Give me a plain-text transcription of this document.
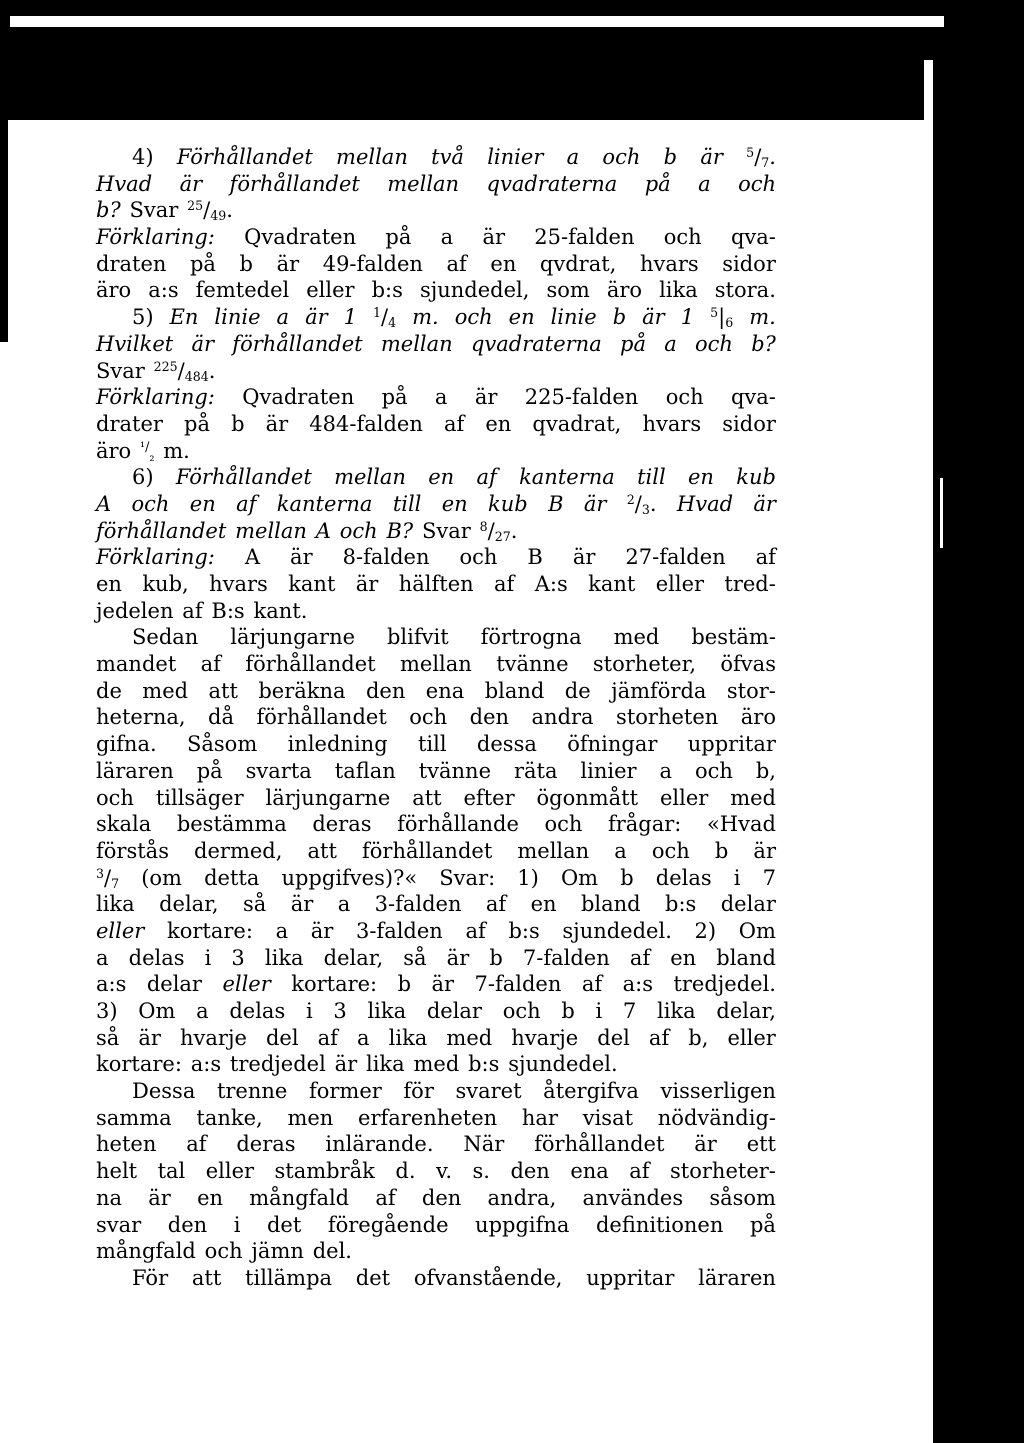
4) Förhållandet mellan två linier a och b är $^5/_7$.
Hvad är förhållandet mellan qvadraterna på a och
b? Svar $^{25}/_{49}$.
Förklaring: Qvadraten på a är 25-falden och qva-
draten på b är 49-falden af en qvdrat, hvars sidor
äro a:s femtedel eller b:s sjundedel, som äro lika stora.
5) En linie a är 1 $^1/_4$ m. och en linie b är 1 $^5|_6$ m.
Hvilket är förhållandet mellan qvadraterna på a och b?
Svar $^{225}/_{484}$.
Förklaring: Qvadraten på a är 225-falden och qva-
drater på b är 484-falden af en qvadrat, hvars sidor
äro $^{^1/}_{_2}$ m.
6) Förhållandet mellan en af kanterna till en kub
A och en af kanterna till en kub B är $^2/_3$. Hvad är
förhållandet mellan A och B? Svar $^8/_{27}$.
Förklaring: A är 8-falden och B är 27-falden af
en kub, hvars kant är hälften af A:s kant eller tred-
jedelen af B:s kant.
Sedan lärjungarne blifvit förtrogna med bestäm-
mandet af förhållandet mellan tvänne storheter, öfvas
de med att beräkna den ena bland de jämförda stor-
heterna, då förhållandet och den andra storheten äro
gifna. Såsom inledning till dessa öfningar uppritar
läraren på svarta taflan tvänne räta linier a och b,
och tillsäger lärjungarne att efter ögonmått eller med
skala bestämma deras förhållande och frågar: «Hvad
förstås dermed, att förhållandet mellan a och b är
$^3/_7$ (om detta uppgifves)?« Svar: 1) Om b delas i 7
lika delar, så är a 3-falden af en bland b:s delar
eller kortare: a är 3-falden af b:s sjundedel. 2) Om
a delas i 3 lika delar, så är b 7-falden af en bland
a:s delar eller kortare: b är 7-falden af a:s tredjedel.
3) Om a delas i 3 lika delar och b i 7 lika delar,
så är hvarje del af a lika med hvarje del af b, eller
kortare: a:s tredjedel är lika med b:s sjundedel.
Dessa trenne former för svaret återgifva visserligen
samma tanke, men erfarenheten har visat nödvändig-
heten af deras inlärande. När förhållandet är ett
helt tal eller stambråk d. v. s. den ena af storheter-
na är en mångfald af den andra, användes såsom
svar den i det föregående uppgifna definitionen på
mångfald och jämn del.
För att tillämpa det ofvanstående, uppritar läraren
